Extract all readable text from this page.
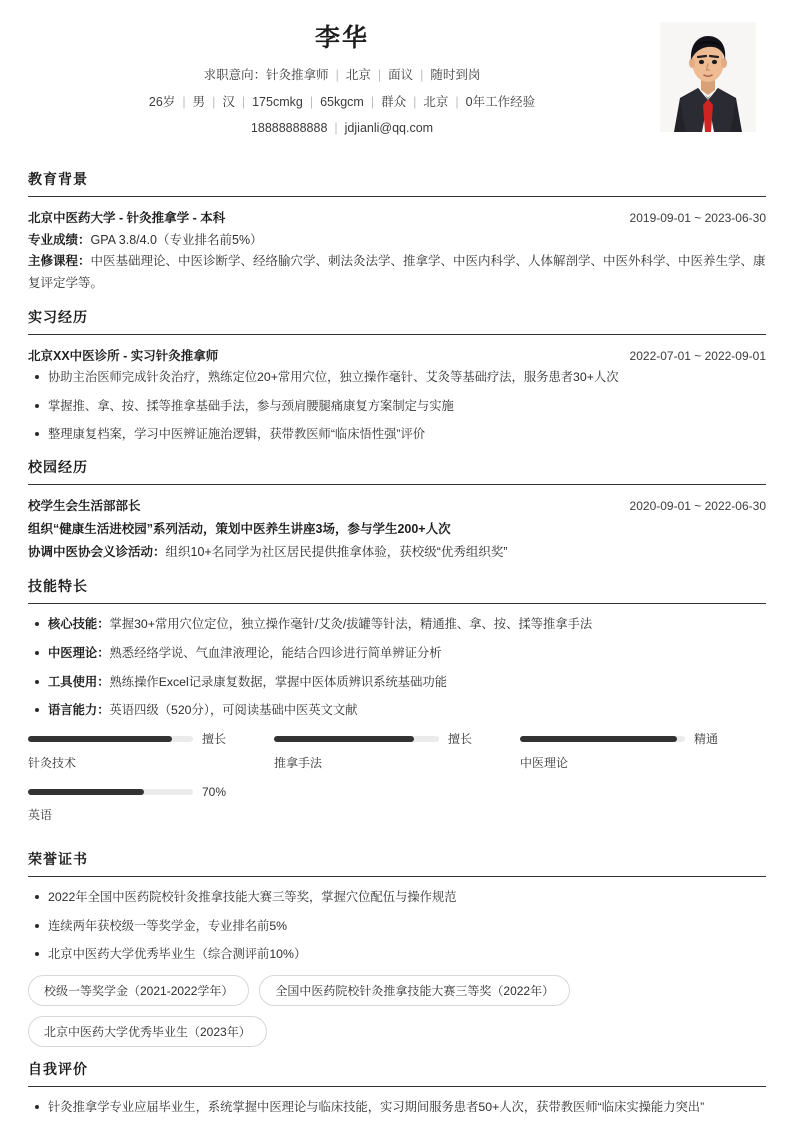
李华
求职意向：针灸推拿师 | 北京 | 面议 | 随时到岗
26岁 | 男 | 汉 | 175cmkg | 65kgcm | 群众 | 北京 | 0年工作经验
18888888888 | jdjianli@qq.com
教育背景
北京中医药大学 - 针灸推拿学 - 本科	2019-09-01 ~ 2023-06-30
专业成绩：GPA 3.8/4.0（专业排名前5%）
主修课程：中医基础理论、中医诊断学、经络腧穴学、刺法灸法学、推拿学、中医内科学、人体解剖学、中医外科学、中医养生学、康复评定学等。
实习经历
北京XX中医诊所 - 实习针灸推拿师	2022-07-01 ~ 2022-09-01
协助主治医师完成针灸治疗，熟练定位20+常用穴位，独立操作毫针、艾灸等基础疗法，服务患者30+人次
掌握推、拿、按、揉等推拿基础手法，参与颈肩腰腿痛康复方案制定与实施
整理康复档案，学习中医辨证施治逻辑，获带教医师“临床悟性强”评价
校园经历
校学生会生活部部长	2020-09-01 ~ 2022-06-30
组织“健康生活进校园”系列活动，策划中医养生讲座3场，参与学生200+人次
协调中医协会义诊活动：组织10+名同学为社区居民提供推拿体验，获校级“优秀组织奖”
技能特长
核心技能：掌握30+常用穴位定位，独立操作毫针/艾灸/拔罐等针法，精通推、拿、按、揉等推拿手法
中医理论：熟悉经络学说、气血津液理论，能结合四诊进行简单辨证分析
工具使用：熟练操作Excel记录康复数据，掌握中医体质辨识系统基础功能
语言能力：英语四级（520分），可阅读基础中医英文文献
擅长
针灸技术
擅长
推拿手法
精通
中医理论
70%
英语
荣誉证书
2022年全国中医药院校针灸推拿技能大赛三等奖，掌握穴位配伍与操作规范
连续两年获校级一等奖学金，专业排名前5%
北京中医药大学优秀毕业生（综合测评前10%）
校级一等奖学金（2021-2022学年）	全国中医药院校针灸推拿技能大赛三等奖（2022年）
北京中医药大学优秀毕业生（2023年）
自我评价
针灸推拿学专业应届毕业生，系统掌握中医理论与临床技能，实习期间服务患者50+人次，获带教医师“临床实操能力突出”
